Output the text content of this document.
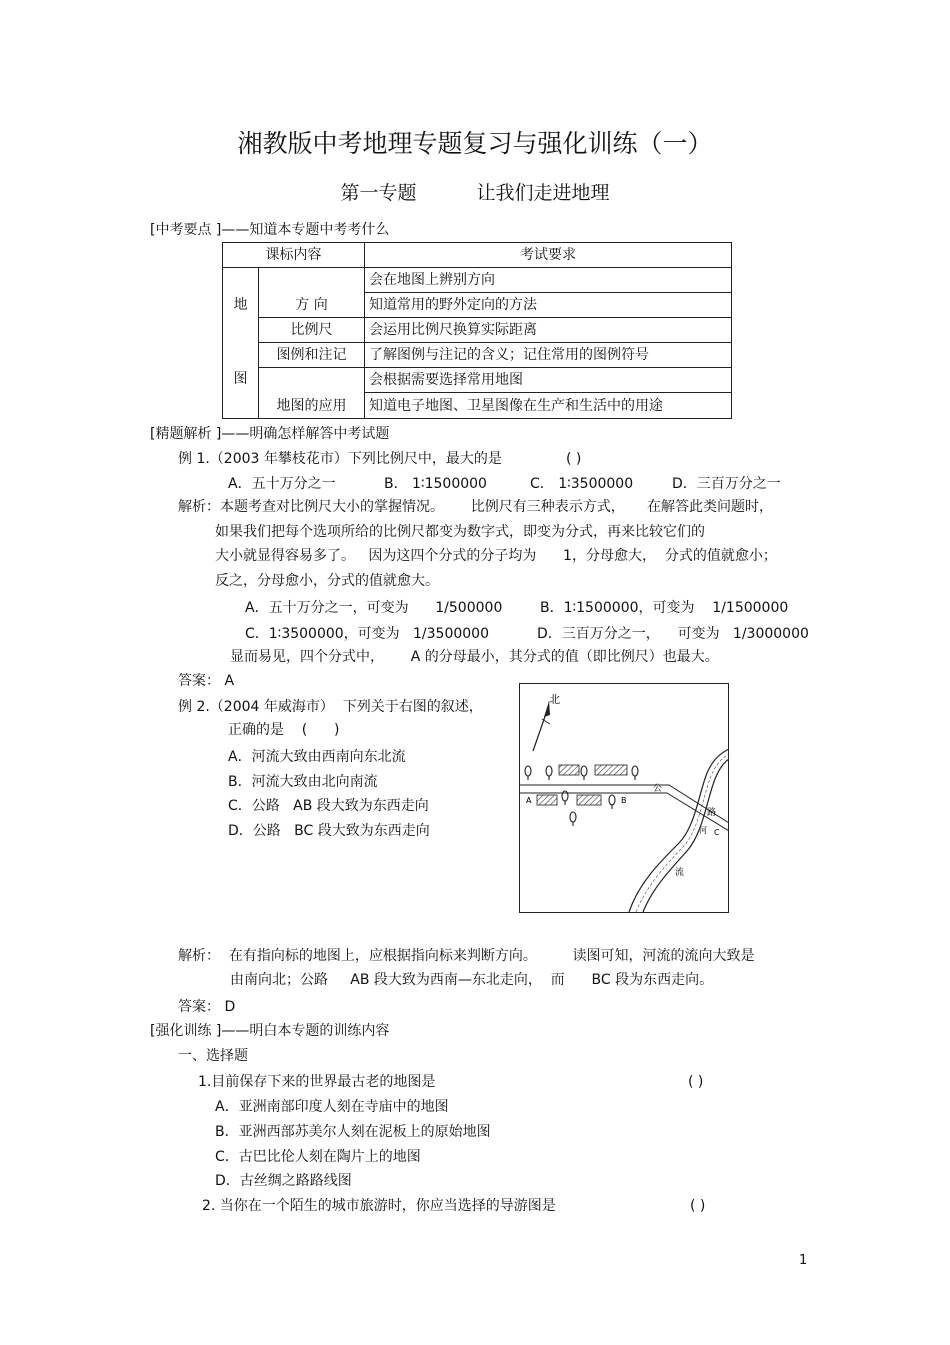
湘教版中考地理专题复习与强化训练（一）
第一专题	让我们走进地理
[中考要点 ]——知道本专题中考考什么
课标内容		考试要求

地
图	方 向	会在地图上辨别方向
		知道常用的野外定向的方法
	比例尺	会运用比例尺换算实际距离
	图例和注记	了解图例与注记的含义；记住常用的图例符号
	地图的应用	会根据需要选择常用地图
		知道电子地图、卫星图像在生产和生活中的用途
[精题解析 ]——明确怎样解答中考试题
例 1.（2003 年攀枝花市）下列比例尺中，最大的是	( )
A．五十万分之一	B． 1∶1500000	C． 1∶3500000	D．三百万分之一
解析：本题考查对比例尺大小的掌握情况。      比例尺有三种表示方式，     在解答此类问题时，
如果我们把每个选项所给的比例尺都变为数字式，即变为分式，再来比较它们的
大小就显得容易多了。   因为这四个分式的分子均为      1，分母愈大，  分式的值就愈小；
反之，分母愈小，分式的值就愈大。
A．五十万分之一，可变为      1/500000	B．1∶1500000，可变为    1/1500000
C．1∶3500000，可变为   1/3500000	D．三百万分之一，    可变为   1/3000000
显而易见，四个分式中，      A 的分母最小，其分式的值（即比例尺）也最大。
答案： A
例 2.（2004 年威海市）  下列关于右图的叙述，
正确的是    (      )
A．河流大致由西南向东北流
B．河流大致由北向南流
C．公路   AB 段大致为东西走向
D．公路   BC 段大致为东西走向
北
A	B
C
公
路
河
流
解析：  在有指向标的地图上，应根据指向标来判断方向。        读图可知，河流的流向大致是
由南向北；公路     AB 段大致为西南—东北走向，  而      BC 段为东西走向。
答案： D
[强化训练 ]——明白本专题的训练内容
一、选择题
1.目前保存下来的世界最古老的地图是	( )
A．亚洲南部印度人刻在寺庙中的地图
B．亚洲西部苏美尔人刻在泥板上的原始地图
C．古巴比伦人刻在陶片上的地图
D．古丝绸之路路线图
2. 当你在一个陌生的城市旅游时，你应当选择的导游图是	( )
1
